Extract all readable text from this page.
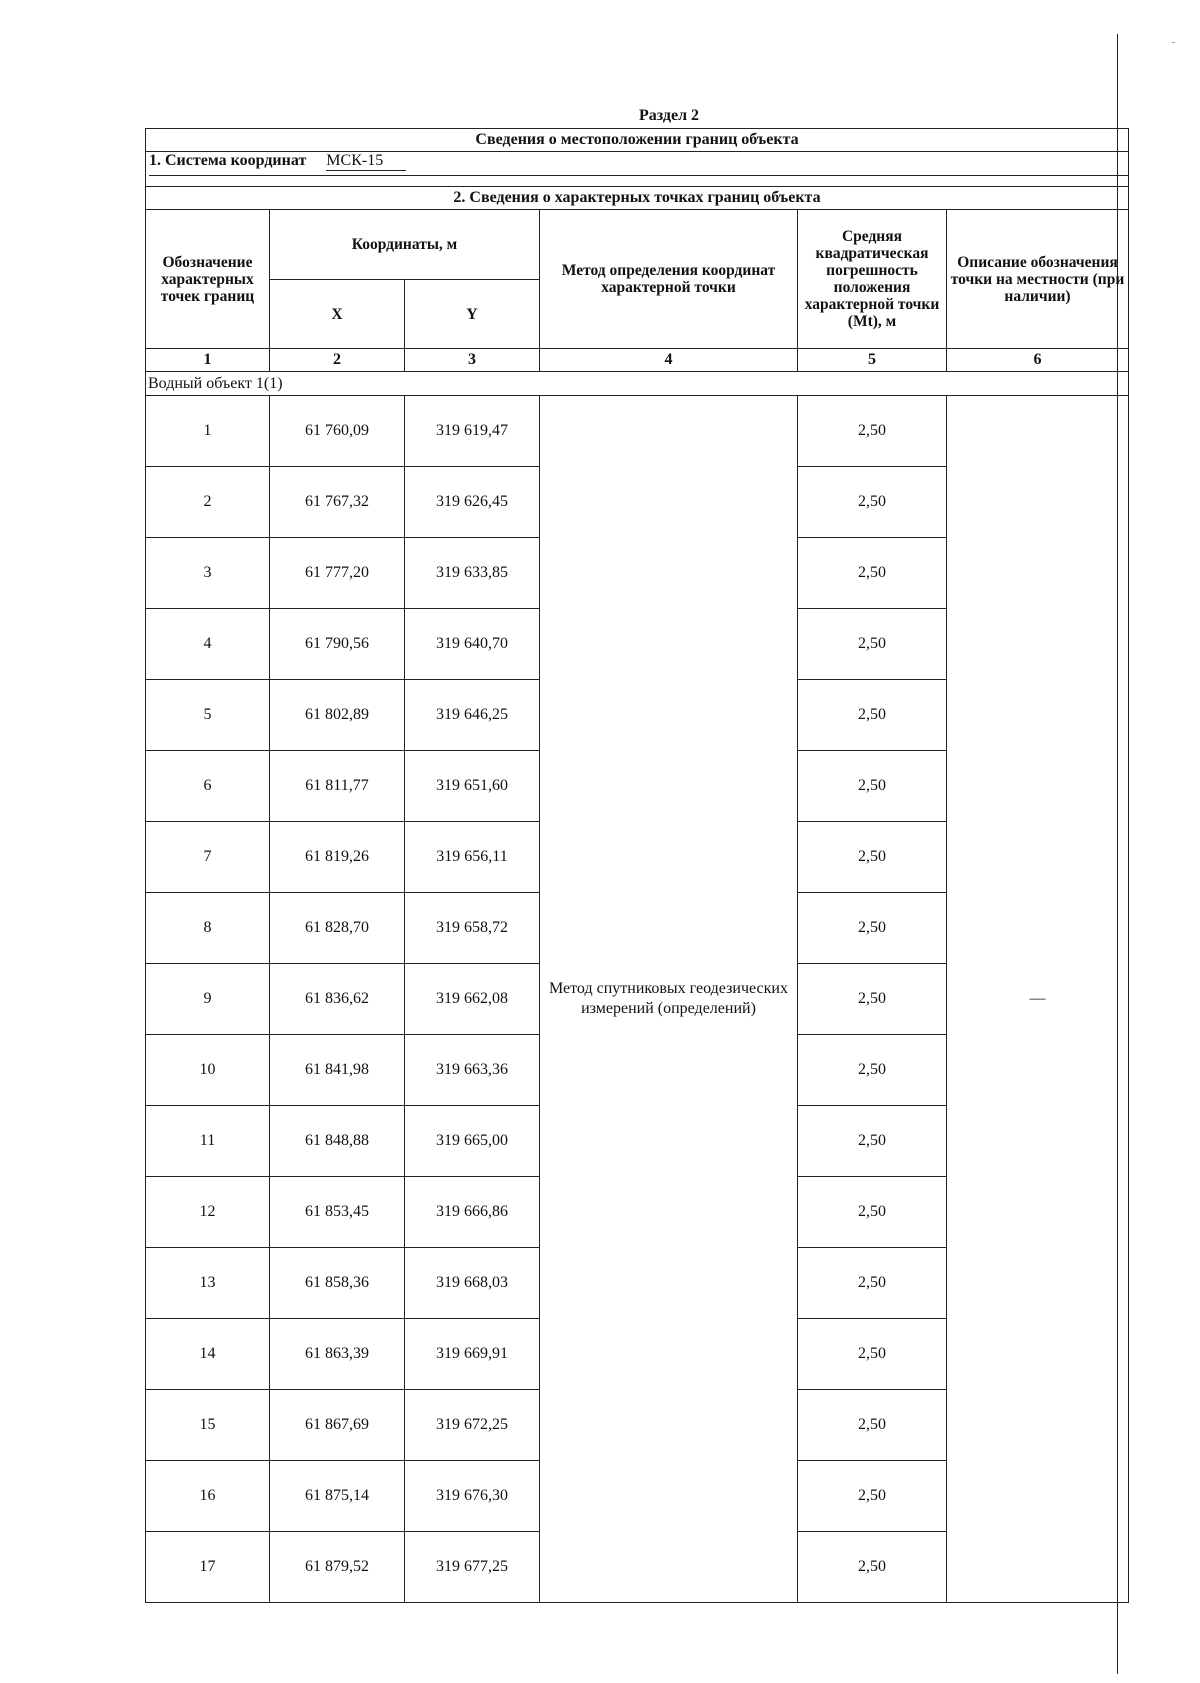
Раздел 2
Сведения о местоположении границ объекта					
1. Система координат МСК-15					

2. Сведения о характерных точках границ объекта					
Обозначение характерных точек границ	Координаты, м		Метод определения координат характерной точки	Средняя квадратическая погрешность положения характерной точки (Mt), м	Описание обозначения точки на местности (при наличии)
	X	Y			
1	2	3	4	5	6
Водный объект 1(1)					
1	61 760,09	319 619,47	Метод спутниковых геодезических измерений (определений)	2,50	—
2	61 767,32	319 626,45		2,50	
3	61 777,20	319 633,85		2,50	
4	61 790,56	319 640,70		2,50	
5	61 802,89	319 646,25		2,50	
6	61 811,77	319 651,60		2,50	
7	61 819,26	319 656,11		2,50	
8	61 828,70	319 658,72		2,50	
9	61 836,62	319 662,08		2,50	
10	61 841,98	319 663,36		2,50	
11	61 848,88	319 665,00		2,50	
12	61 853,45	319 666,86		2,50	
13	61 858,36	319 668,03		2,50	
14	61 863,39	319 669,91		2,50	
15	61 867,69	319 672,25		2,50	
16	61 875,14	319 676,30		2,50	
17	61 879,52	319 677,25		2,50	
